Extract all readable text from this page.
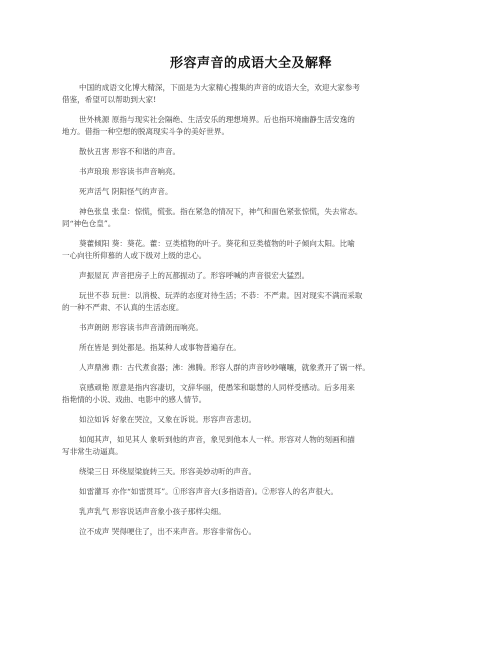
形容声音的成语大全及解释

中国的成语文化博大精深，下面是为大家精心搜集的声音的成语大全，欢迎大家参考
借鉴，希望可以帮助到大家!

世外桃源 原指与现实社会隔绝、生活安乐的理想境界。后也指环境幽静生活安逸的
地方。借指一种空想的脱离现实斗争的美好世界。

散伙丑害 形容不和谐的声音。

书声琅琅 形容读书声音响亮。

死声活气 阴阳怪气的声音。

神色张皇 张皇：惊慌，慌张。指在紧急的情况下，神气和面色紧张惊慌，失去常态。
同“神色仓皇”。

葵藿倾阳 葵：葵花。藿：豆类植物的叶子。葵花和豆类植物的叶子倾向太阳。比喻
一心向往所仰慕的人或下级对上级的忠心。

声振屋瓦 声音把房子上的瓦都振动了。形容呼喊的声音很宏大猛烈。

玩世不恭 玩世：以消极、玩弄的态度对待生活；不恭：不严肃。因对现实不满而采取
的一种不严肃、不认真的生活态度。

书声朗朗 形容读书声音清朗而响亮。

所在皆是 到处都是。指某种人或事物普遍存在。

人声鼎沸 鼎：古代煮食器；沸：沸腾。形容人群的声音吵吵嚷嚷，就象煮开了锅一样。

哀感顽艳 原意是指内容凄切，文辞华丽，使愚笨和聪慧的人同样受感动。后多用来
指艳情的小说、戏曲、电影中的感人情节。

如泣如诉 好象在哭泣，又象在诉说。形容声音悲切。

如闻其声，如见其人 象听到他的声音，象见到他本人一样。形容对人物的刻画和描
写非常生动逼真。

绕梁三日 环绕屋梁旋转三天。形容美妙动听的声音。

如雷灌耳 亦作“如雷贯耳”。①形容声音大(多指语音)。②形容人的名声很大。

乳声乳气 形容说话声音象小孩子那样尖细。

泣不成声 哭得哽住了，出不来声音。形容非常伤心。
